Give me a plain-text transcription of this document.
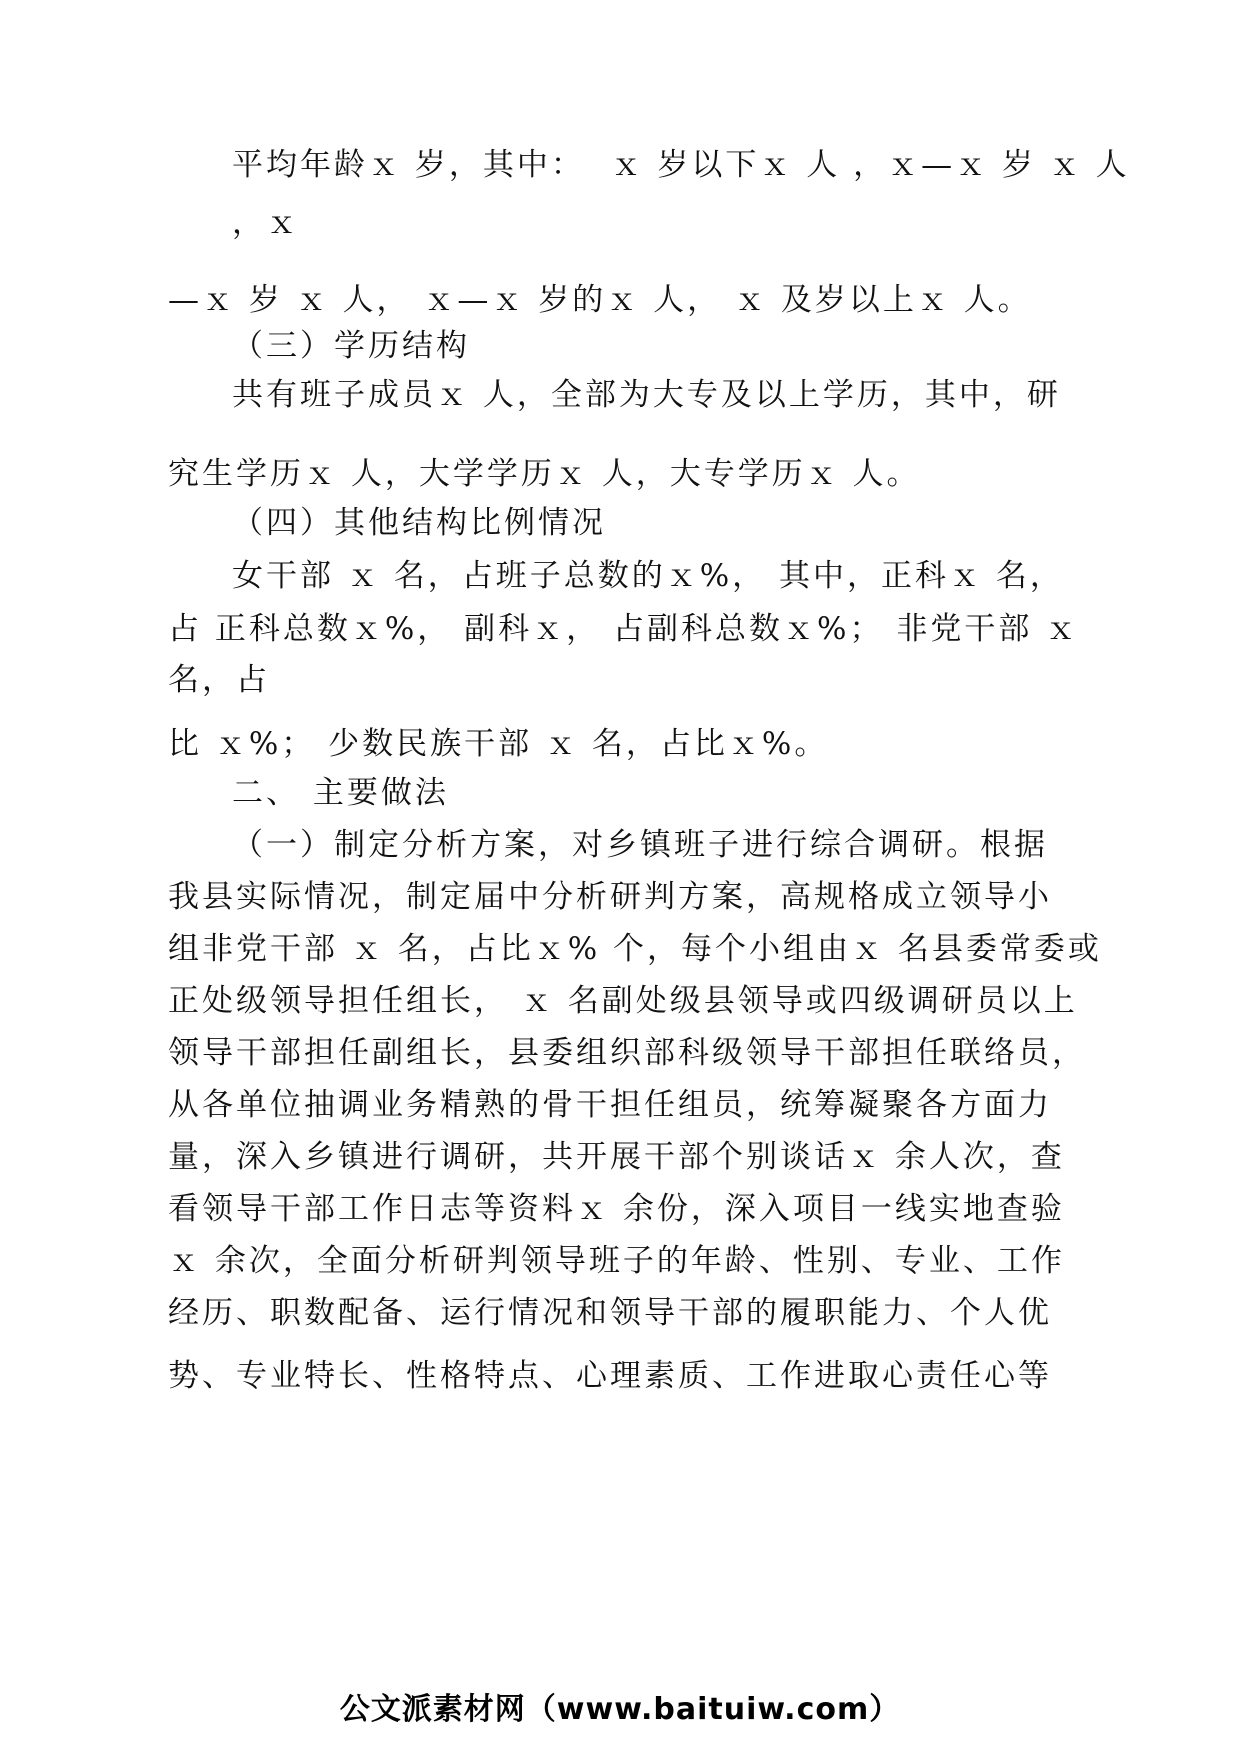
平均年龄ｘ 岁，其中：  ｘ 岁以下ｘ 人 ，ｘ—ｘ 岁 ｘ 人
，ｘ
—ｘ 岁 ｘ 人， ｘ—ｘ 岁的ｘ 人， ｘ 及岁以上ｘ 人。
（三）学历结构
共有班子成员ｘ 人，全部为大专及以上学历，其中，研
究生学历ｘ 人，大学学历ｘ 人，大专学历ｘ 人。
（四）其他结构比例情况
女干部 ｘ 名，占班子总数的ｘ%， 其中，正科ｘ 名，
占 正科总数ｘ%， 副科ｘ， 占副科总数ｘ%； 非党干部 ｘ
名，占
比 ｘ%； 少数民族干部 ｘ 名，占比ｘ%。
二、 主要做法
（一）制定分析方案，对乡镇班子进行综合调研。根据
我县实际情况，制定届中分析研判方案，高规格成立领导小
组非党干部 ｘ 名，占比ｘ% 个，每个小组由ｘ 名县委常委或
正处级领导担任组长， ｘ 名副处级县领导或四级调研员以上
领导干部担任副组长，县委组织部科级领导干部担任联络员，
从各单位抽调业务精熟的骨干担任组员，统筹凝聚各方面力
量，深入乡镇进行调研，共开展干部个别谈话ｘ 余人次，查
看领导干部工作日志等资料ｘ 余份，深入项目一线实地查验
ｘ 余次，全面分析研判领导班子的年龄、性别、专业、工作
经历、职数配备、运行情况和领导干部的履职能力、个人优
势、专业特长、性格特点、心理素质、工作进取心责任心等
公文派素材网（www.baituiw.com）
